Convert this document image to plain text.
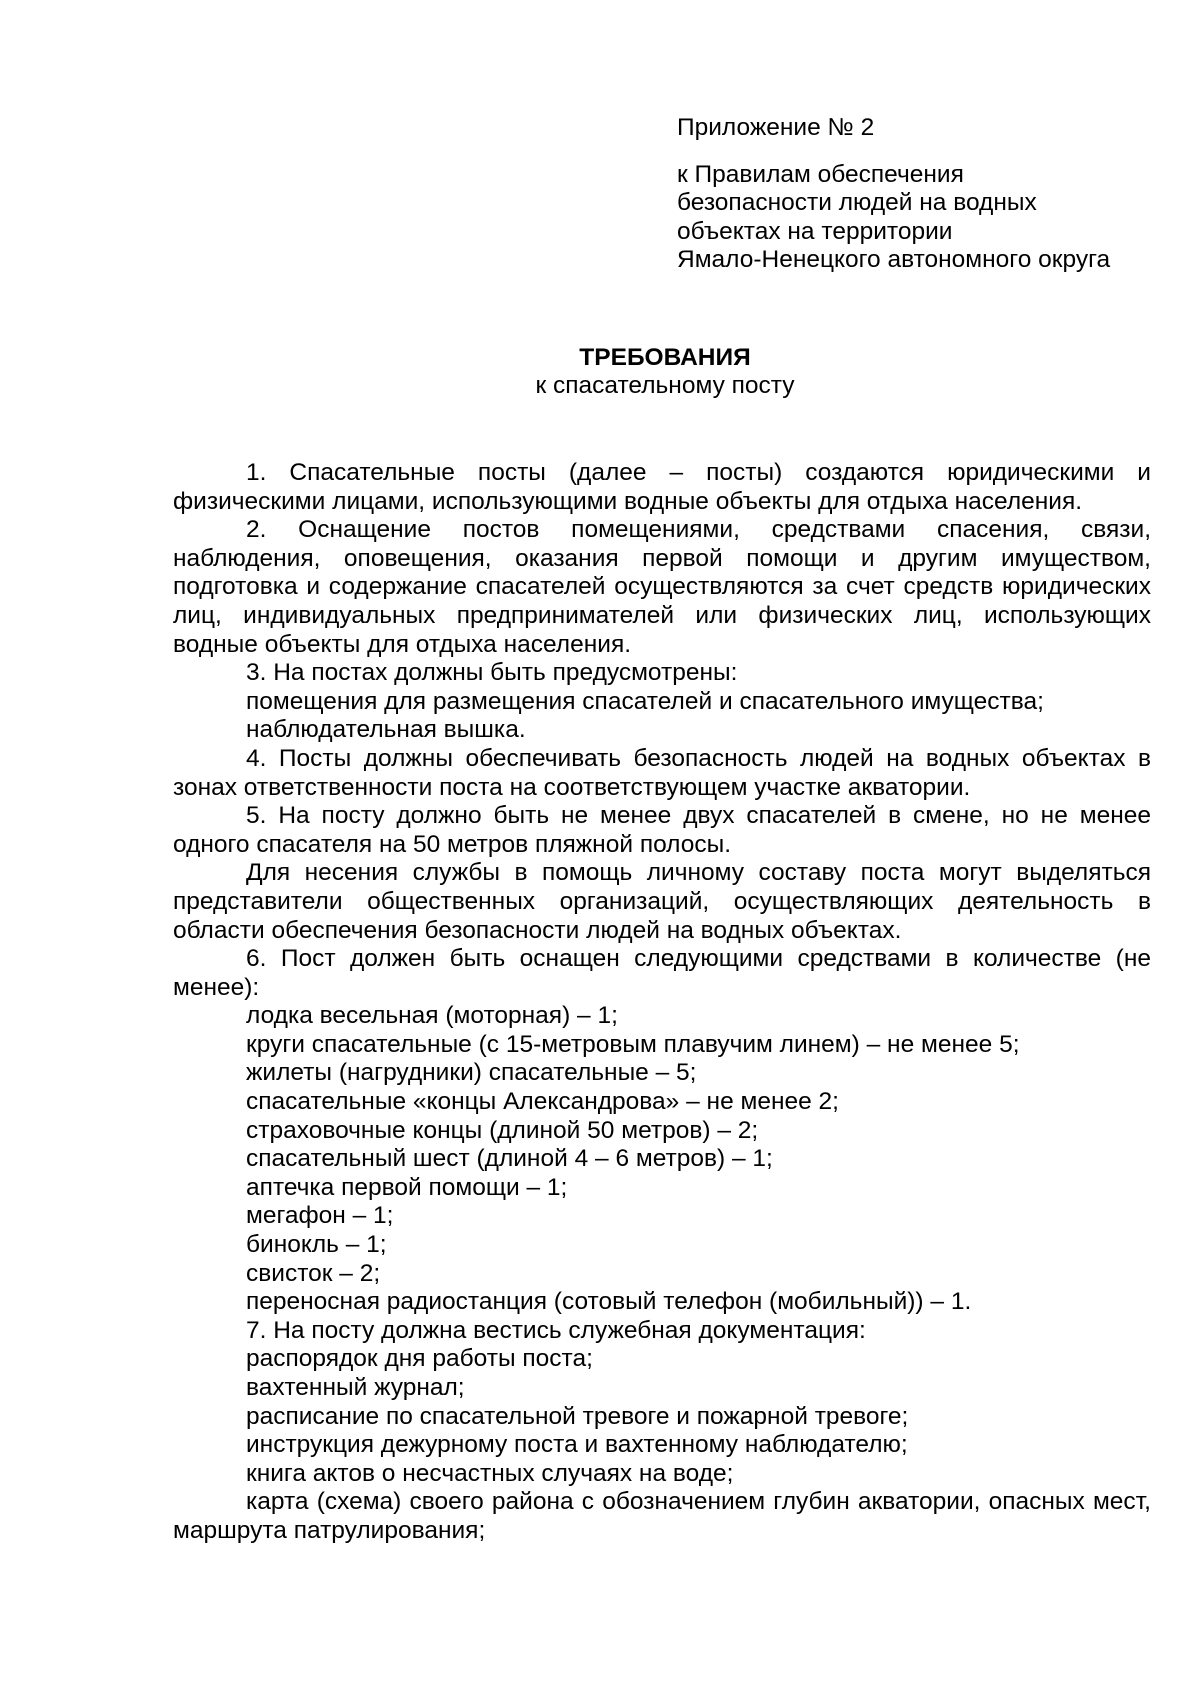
Приложение № 2
к Правилам обеспечения
безопасности людей на водных
объектах на территории
Ямало-Ненецкого автономного округа
ТРЕБОВАНИЯ
к спасательному посту
1. Спасательные посты (далее – посты) создаются юридическими и физическими лицами, использующими водные объекты для отдыха населения.
2. Оснащение постов помещениями, средствами спасения, связи, наблюдения, оповещения, оказания первой помощи и другим имуществом, подготовка и содержание спасателей осуществляются за счет средств юридических лиц, индивидуальных предпринимателей или физических лиц, использующих водные объекты для отдыха населения.
3. На постах должны быть предусмотрены:
помещения для размещения спасателей и спасательного имущества;
наблюдательная вышка.
4. Посты должны обеспечивать безопасность людей на водных объектах в зонах ответственности поста на соответствующем участке акватории.
5. На посту должно быть не менее двух спасателей в смене, но не менее одного спасателя на 50 метров пляжной полосы.
Для несения службы в помощь личному составу поста могут выделяться представители общественных организаций, осуществляющих деятельность в области обеспечения безопасности людей на водных объектах.
6. Пост должен быть оснащен следующими средствами в количестве (не менее):
лодка весельная (моторная) – 1;
круги спасательные (с 15-метровым плавучим линем) – не менее 5;
жилеты (нагрудники) спасательные – 5;
спасательные «концы Александрова» – не менее 2;
страховочные концы (длиной 50 метров) – 2;
спасательный шест (длиной 4 – 6 метров) – 1;
аптечка первой помощи – 1;
мегафон – 1;
бинокль – 1;
свисток – 2;
переносная радиостанция (сотовый телефон (мобильный)) – 1.
7. На посту должна вестись служебная документация:
распорядок дня работы поста;
вахтенный журнал;
расписание по спасательной тревоге и пожарной тревоге;
инструкция дежурному поста и вахтенному наблюдателю;
книга актов о несчастных случаях на воде;
карта (схема) своего района с обозначением глубин акватории, опасных мест, маршрута патрулирования;
